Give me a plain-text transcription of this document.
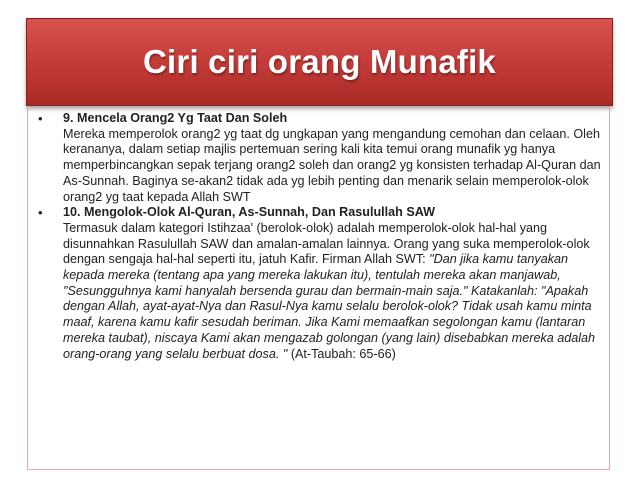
Ciri ciri orang Munafik
• 9. Mencela Orang2 Yg Taat Dan Soleh
Mereka memperolok orang2 yg taat dg ungkapan yang mengandung cemohan dan celaan. Oleh kerananya, dalam setiap majlis pertemuan sering kali kita temui orang munafik yg hanya memperbincangkan sepak terjang orang2 soleh dan orang2 yg konsisten terhadap Al-Quran dan As-Sunnah. Baginya se-akan2 tidak ada yg lebih penting dan menarik selain memperolok-olok orang2 yg taat kepada Allah SWT
• 10. Mengolok-Olok Al-Quran, As-Sunnah, Dan Rasulullah SAW
Termasuk dalam kategori Istihzaa' (berolok-olok) adalah memperolok-olok hal-hal yang disunnahkan Rasulullah SAW dan amalan-amalan lainnya. Orang yang suka memperolok-olok dengan sengaja hal-hal seperti itu, jatuh Kafir. Firman Allah SWT: "Dan jika kamu tanyakan kepada mereka (tentang apa yang mereka lakukan itu), tentulah mereka akan manjawab, "Sesungguhnya kami hanyalah bersenda gurau dan bermain-main saja." Katakanlah: "Apakah dengan Allah, ayat-ayat-Nya dan Rasul-Nya kamu selalu berolok-olok? Tidak usah kamu minta maaf, karena kamu kafir sesudah beriman. Jika Kami memaafkan segolongan kamu (lantaran mereka taubat), niscaya Kami akan mengazab golongan (yang lain) disebabkan mereka adalah orang-orang yang selalu berbuat dosa. " (At-Taubah: 65-66)
